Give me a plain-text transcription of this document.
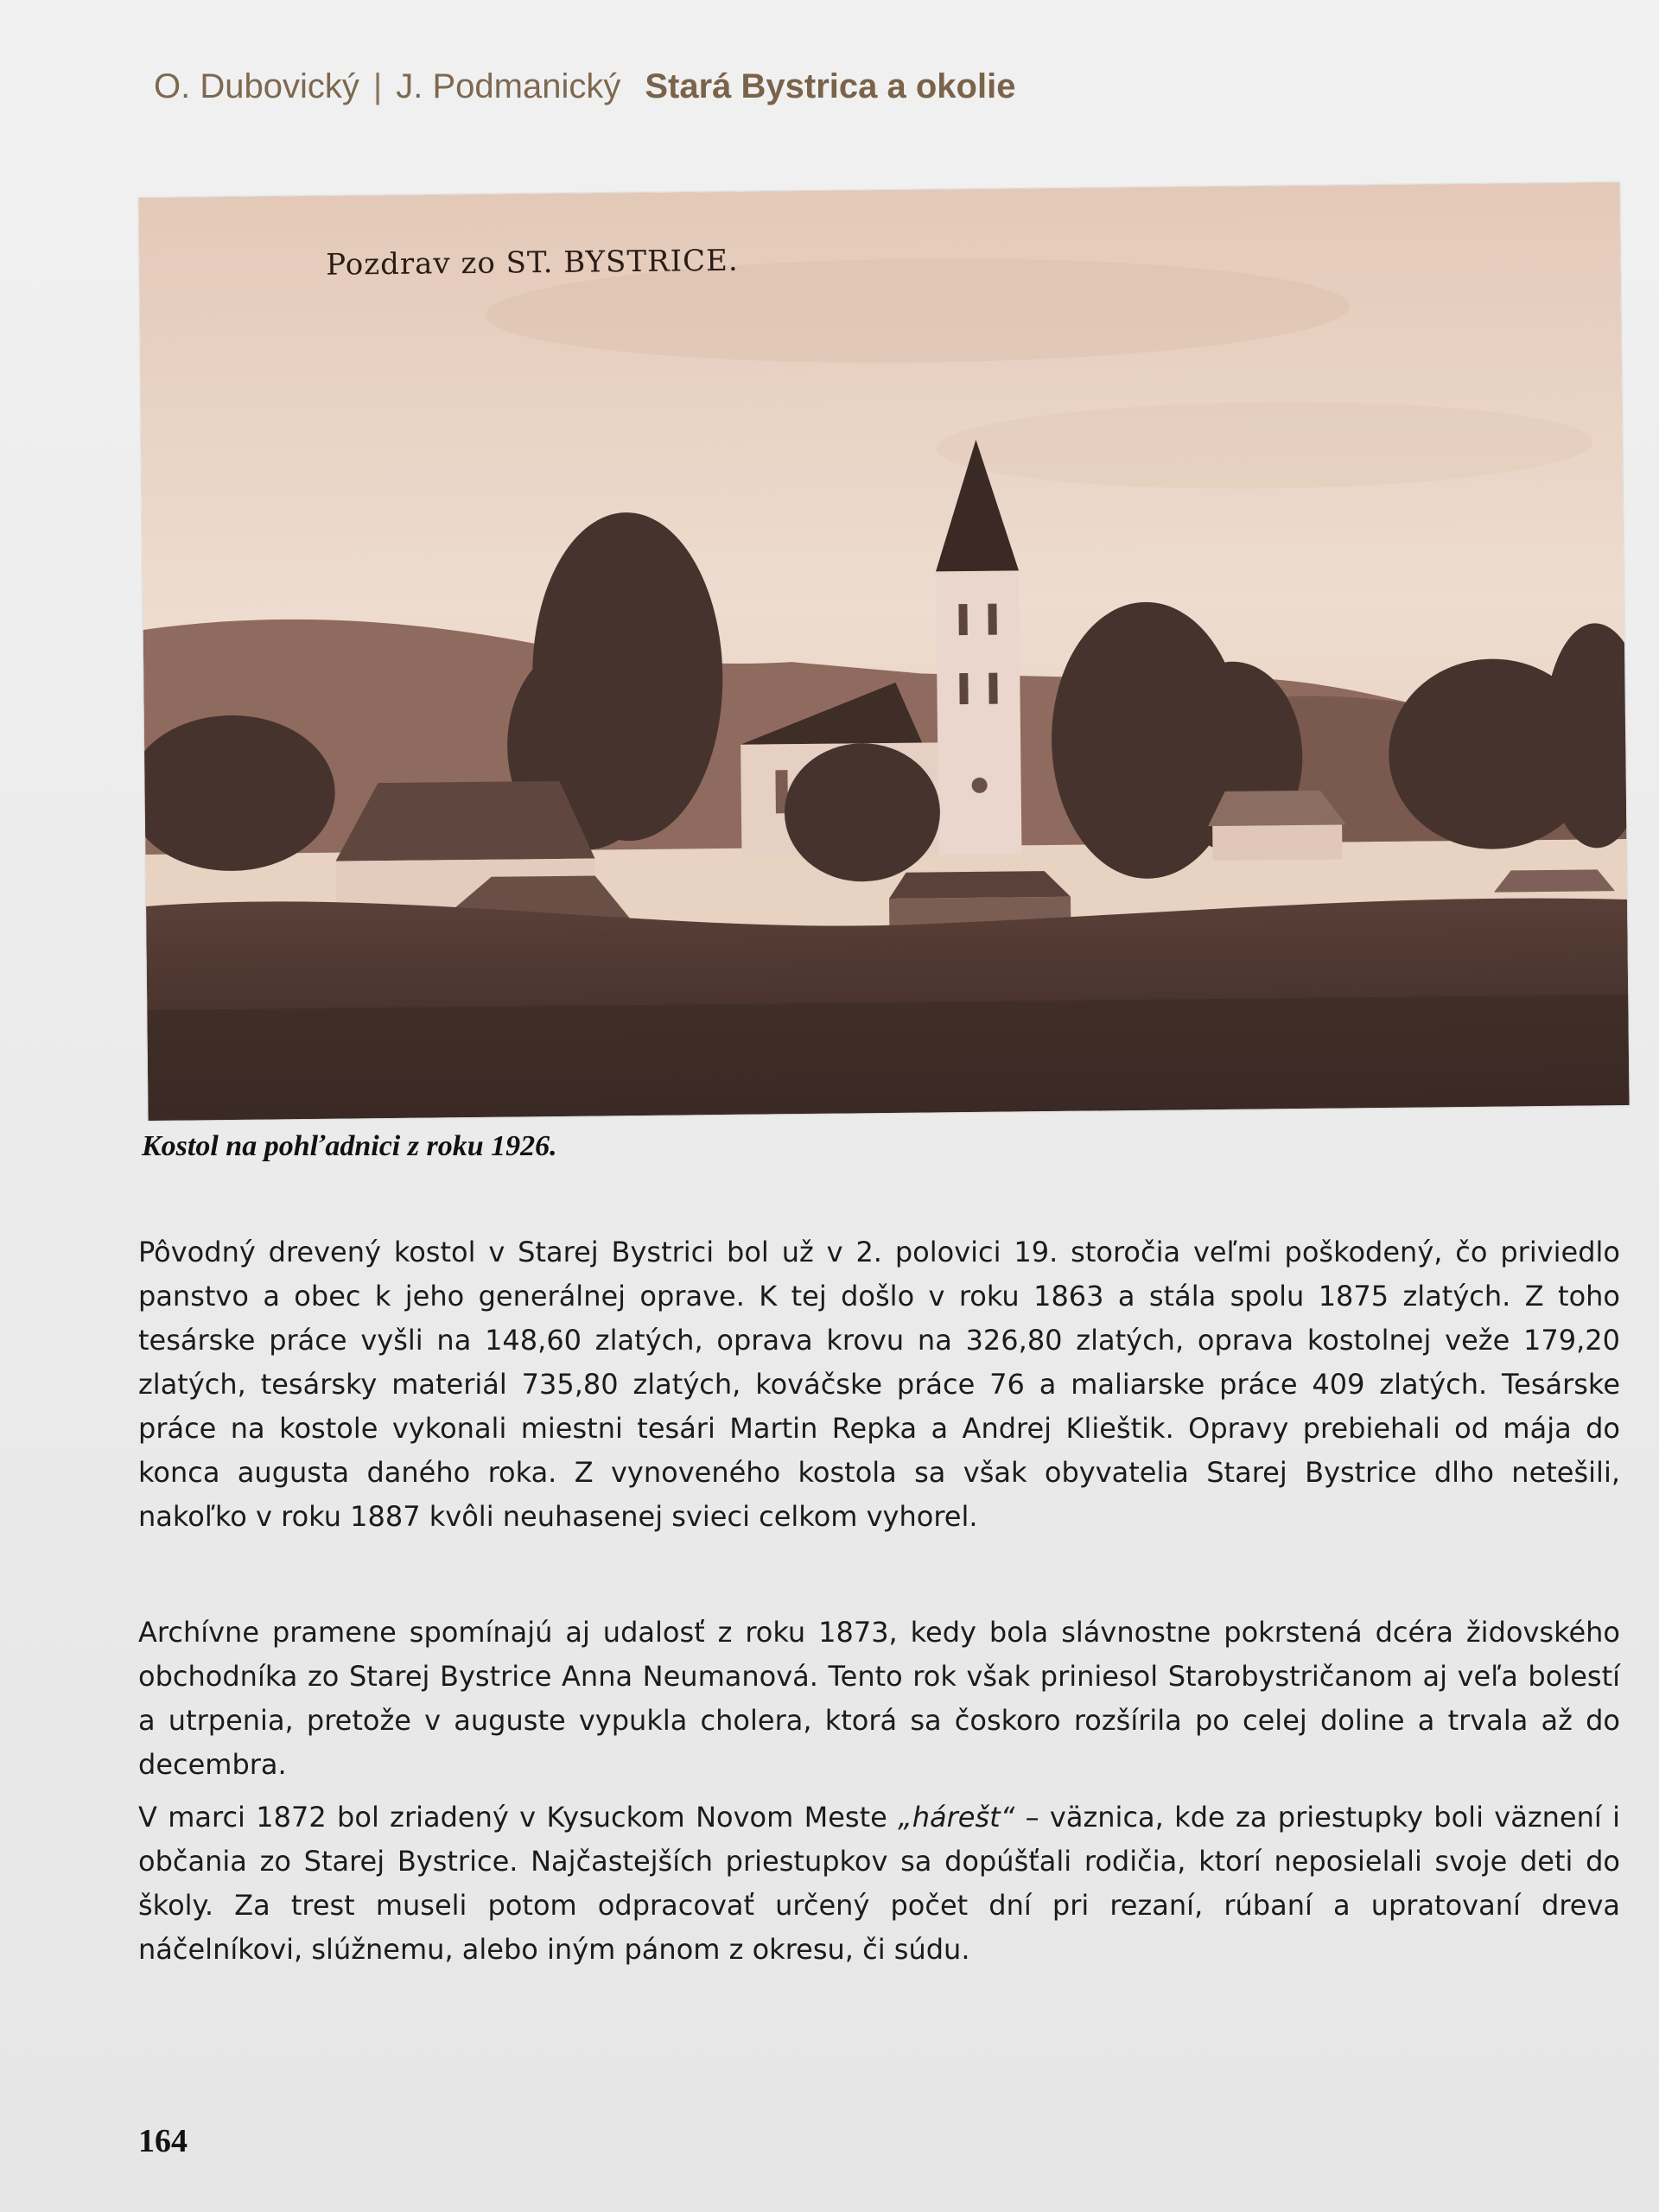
O. Dubovický | J. Podmanický Stará Bystrica a okolie
Pozdrav zo ST. BYSTRICE.
Kostol na pohľadnici z roku 1926.

Pôvodný drevený kostol v Starej Bystrici bol už v 2. polovici 19. storočia veľmi poškodený, čo priviedlo panstvo a obec k jeho generálnej oprave. K tej došlo v roku 1863 a stála spolu 1875 zlatých. Z toho tesárske práce vyšli na 148,60 zlatých, oprava krovu na 326,80 zlatých, oprava kostolnej veže 179,20 zlatých, tesársky materiál 735,80 zlatých, kováčske práce 76 a maliarske práce 409 zlatých. Tesárske práce na kostole vykonali miestni tesári Martin Repka a Andrej Klieštik. Opravy prebiehali od mája do konca augusta daného roka. Z vynoveného kostola sa však obyvatelia Starej Bystrice dlho netešili, nakoľko v roku 1887 kvôli neuhasenej svieci celkom vyhorel.

Archívne pramene spomínajú aj udalosť z roku 1873, kedy bola slávnostne pokrstená dcéra židovského obchodníka zo Starej Bystrice Anna Neumanová. Tento rok však priniesol Starobystričanom aj veľa bolestí a utrpenia, pretože v auguste vypukla cholera, ktorá sa čoskoro rozšírila po celej doline a trvala až do decembra.

V marci 1872 bol zriadený v Kysuckom Novom Meste „hárešt“ – väznica, kde za priestupky boli väznení i občania zo Starej Bystrice. Najčastejších priestupkov sa dopúšťali rodičia, ktorí neposielali svoje deti do školy. Za trest museli potom odpracovať určený počet dní pri rezaní, rúbaní a upratovaní dreva náčelníkovi, slúžnemu, alebo iným pánom z okresu, či súdu.

164
